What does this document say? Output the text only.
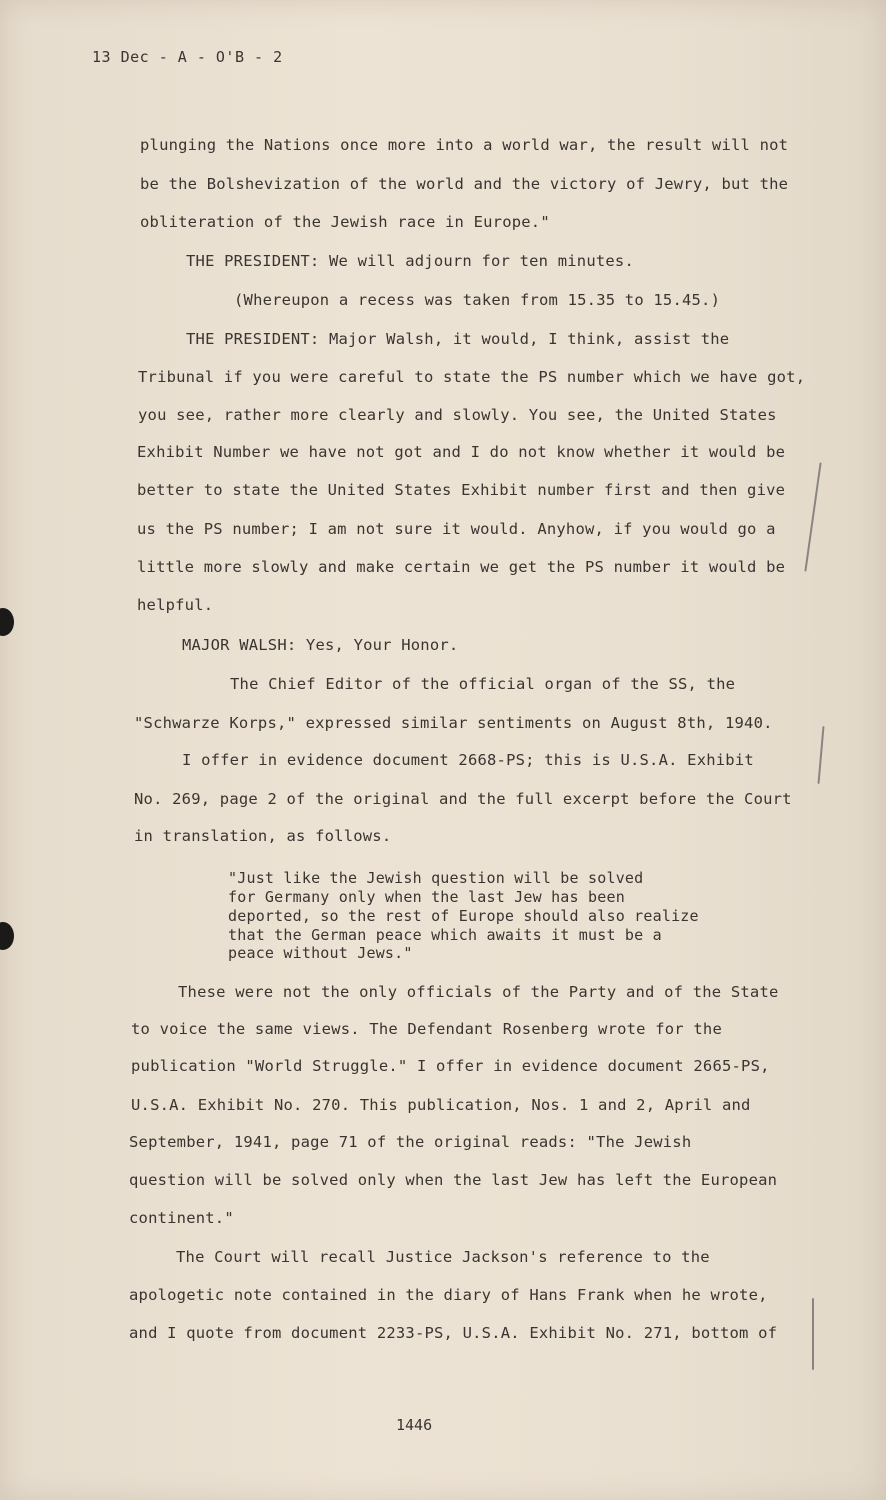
13 Dec - A - O'B - 2
plunging the Nations once more into a world war, the result will not
be the Bolshevization of the world and the victory of Jewry, but the
obliteration of the Jewish race in Europe."
THE PRESIDENT: We will adjourn for ten minutes.
(Whereupon a recess was taken from 15.35 to 15.45.)
THE PRESIDENT: Major Walsh, it would, I think, assist the
Tribunal if you were careful to state the PS number which we have got,
you see, rather more clearly and slowly. You see, the United States
Exhibit Number we have not got and I do not know whether it would be
better to state the United States Exhibit number first and then give
us the PS number; I am not sure it would. Anyhow, if you would go a
little more slowly and make certain we get the PS number it would be
helpful.
MAJOR WALSH: Yes, Your Honor.
The Chief Editor of the official organ of the SS, the
"Schwarze Korps," expressed similar sentiments on August 8th, 1940.
I offer in evidence document 2668-PS; this is U.S.A. Exhibit
No. 269, page 2 of the original and the full excerpt before the Court
in translation, as follows.
"Just like the Jewish question will be solved
for Germany only when the last Jew has been
deported, so the rest of Europe should also realize
that the German peace which awaits it must be a
peace without Jews."
These were not the only officials of the Party and of the State
to voice the same views. The Defendant Rosenberg wrote for the
publication "World Struggle." I offer in evidence document 2665-PS,
U.S.A. Exhibit No. 270. This publication, Nos. 1 and 2, April and
September, 1941, page 71 of the original reads: "The Jewish
question will be solved only when the last Jew has left the European
continent."
The Court will recall Justice Jackson's reference to the
apologetic note contained in the diary of Hans Frank when he wrote,
and I quote from document 2233-PS, U.S.A. Exhibit No. 271, bottom of
1446
